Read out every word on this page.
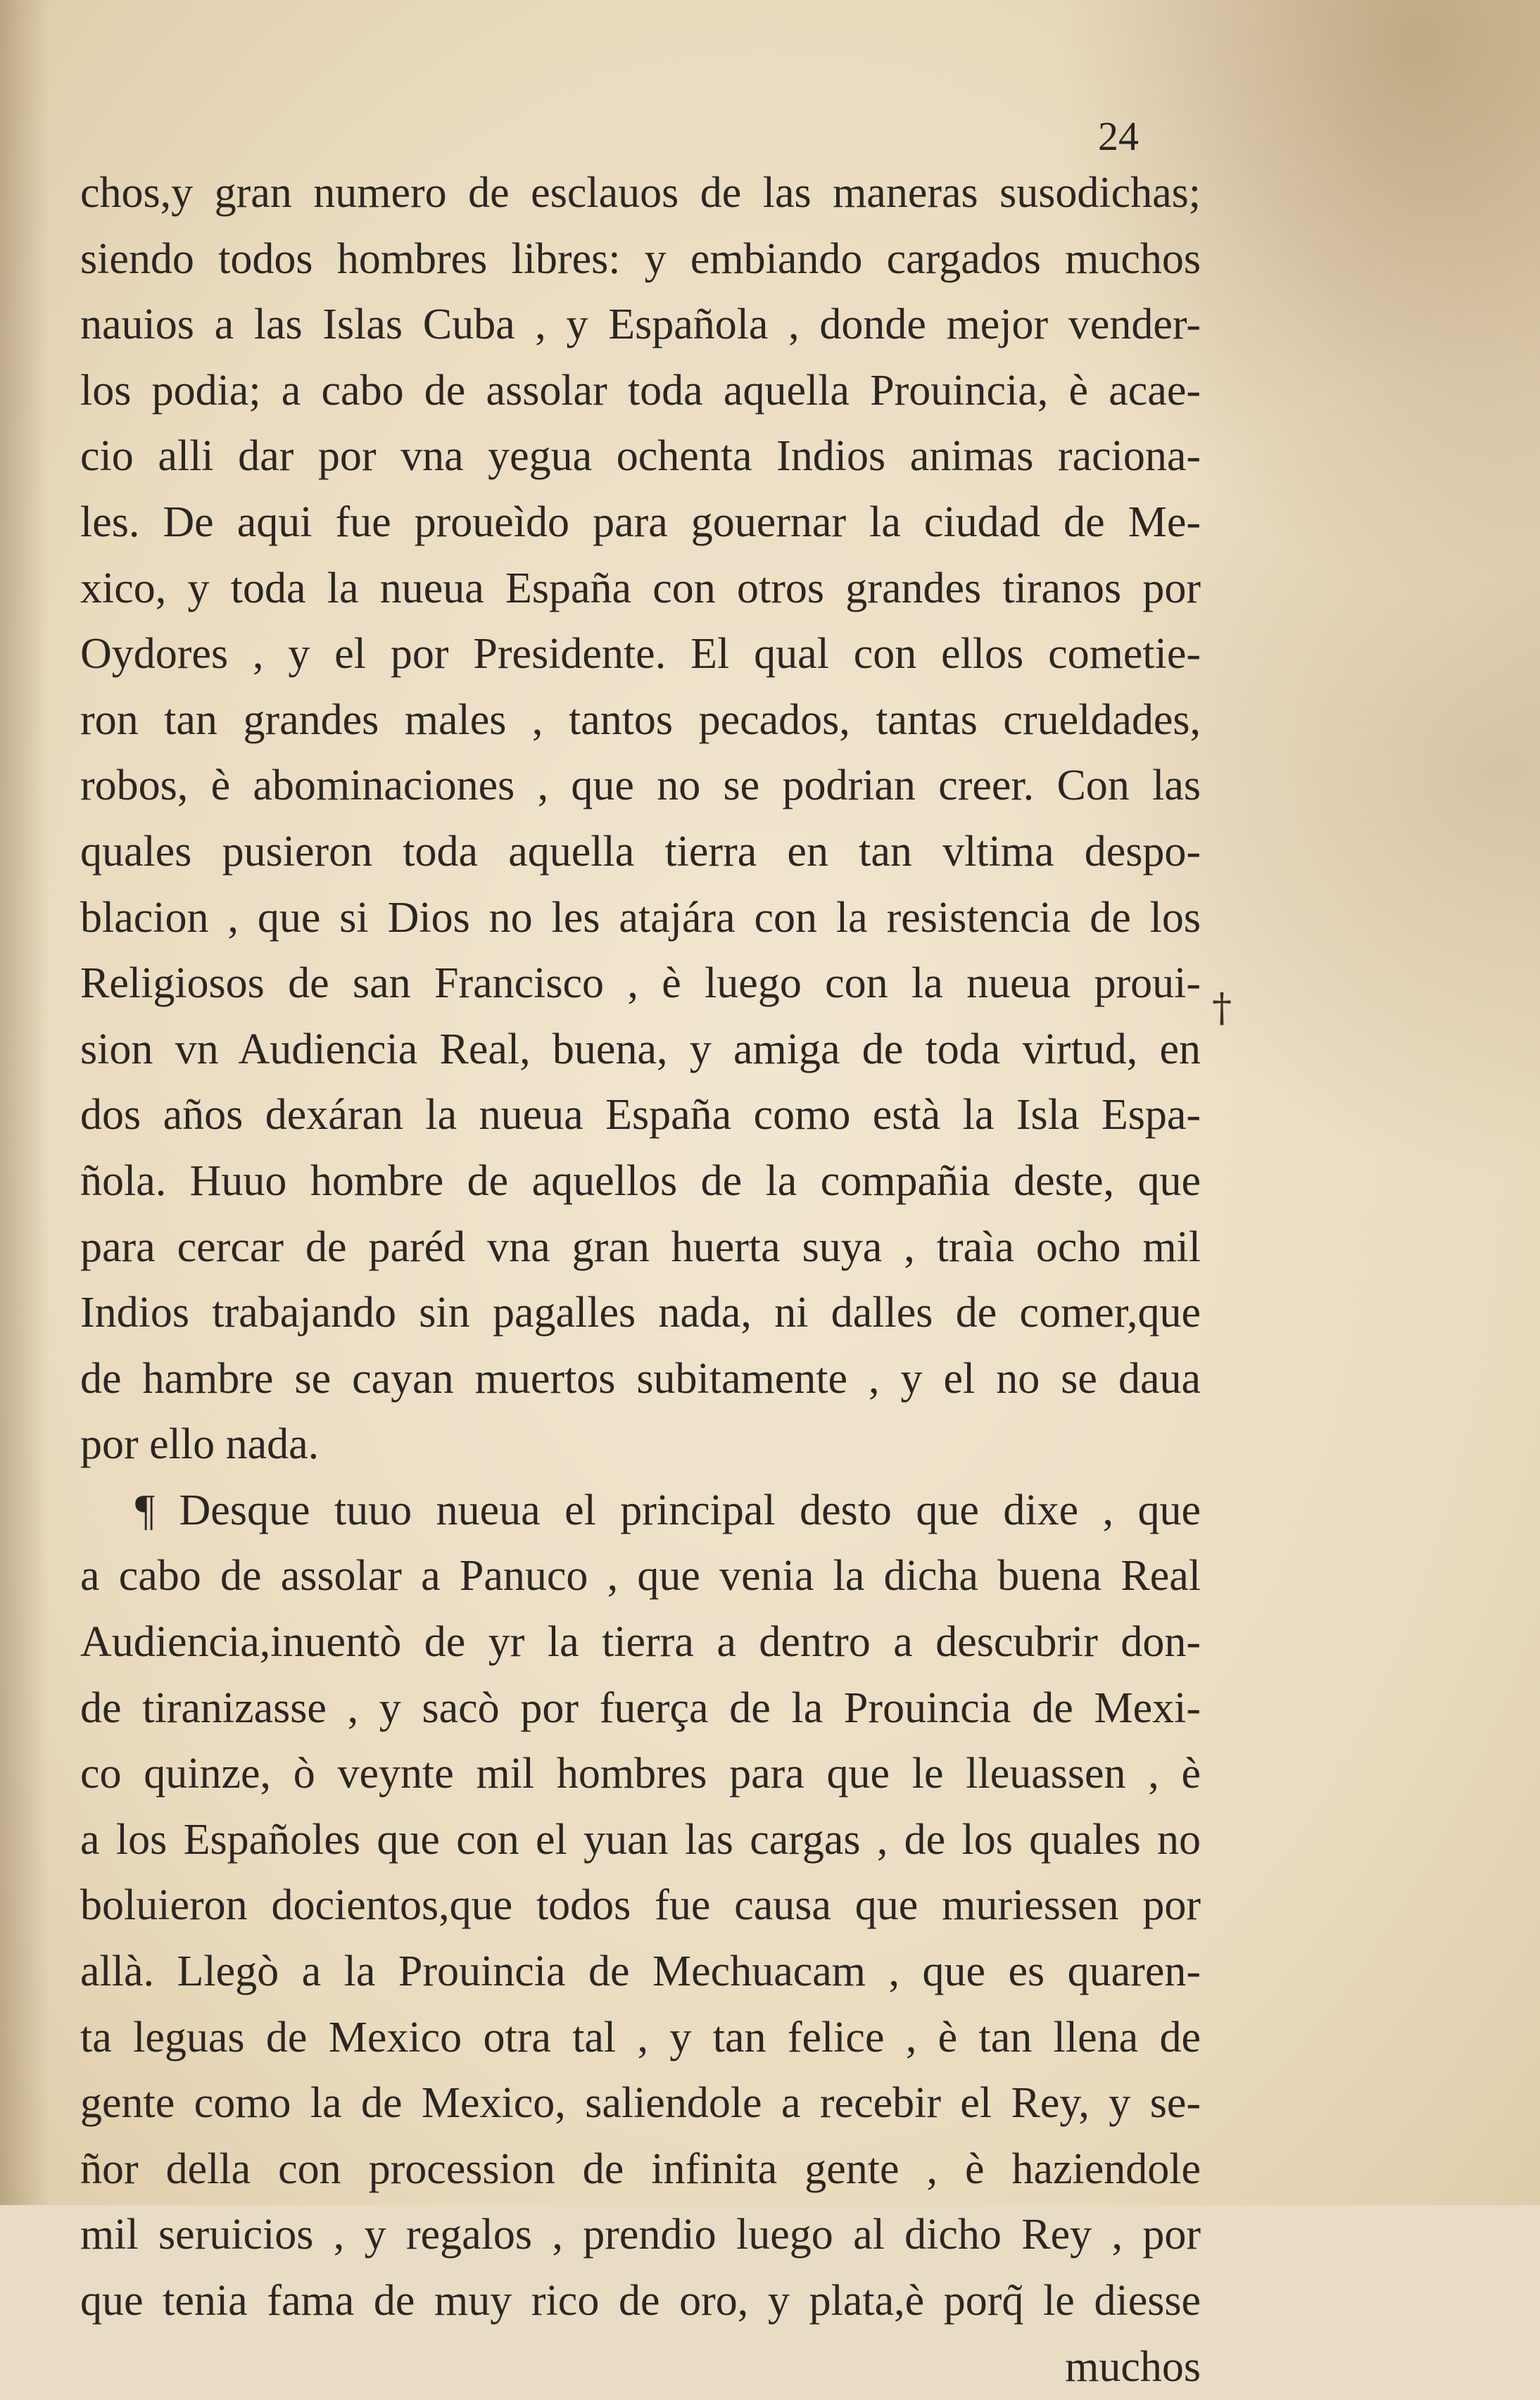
24
chos,y gran numero de esclauos de las maneras susodichas;
siendo todos hombres libres: y embiando cargados muchos
nauios a las Islas Cuba , y Española , donde mejor vender-
los podia; a cabo de assolar toda aquella Prouincia, è acae-
cio alli dar por vna yegua ochenta Indios animas raciona-
les. De aqui fue proueìdo para gouernar la ciudad de Me-
xico, y toda la nueua España con otros grandes tiranos por
Oydores , y el por Presidente. El qual con ellos cometie-
ron tan grandes males , tantos pecados, tantas crueldades,
robos, è abominaciones , que no se podrian creer. Con las
quales pusieron toda aquella tierra en tan vltima despo-
blacion , que si Dios no les atajára con la resistencia de los
Religiosos de san Francisco , è luego con la nueua proui-
sion vn Audiencia Real, buena, y amiga de toda virtud, en
dos años dexáran la nueua España como està la Isla Espa-
ñola. Huuo hombre de aquellos de la compañia deste, que
para cercar de paréd vna gran huerta suya , traìa ocho mil
Indios trabajando sin pagalles nada, ni dalles de comer,que
de hambre se cayan muertos subitamente , y el no se daua
por ello nada.
¶ Desque tuuo nueua el principal desto que dixe , que
a cabo de assolar a Panuco , que venia la dicha buena Real
Audiencia,inuentò de yr la tierra a dentro a descubrir don-
de tiranizasse , y sacò por fuerça de la Prouincia de Mexi-
co quinze, ò veynte mil hombres para que le lleuassen , è
a los Españoles que con el yuan las cargas , de los quales no
boluieron docientos,que todos fue causa que muriessen por
allà. Llegò a la Prouincia de Mechuacam , que es quaren-
ta leguas de Mexico otra tal , y tan felice , è tan llena de
gente como la de Mexico, saliendole a recebir el Rey, y se-
ñor della con procession de infinita gente , è haziendole
mil seruicios , y regalos , prendio luego al dicho Rey , por
que tenia fama de muy rico de oro, y plata,è porq̃ le diesse
muchos
†
